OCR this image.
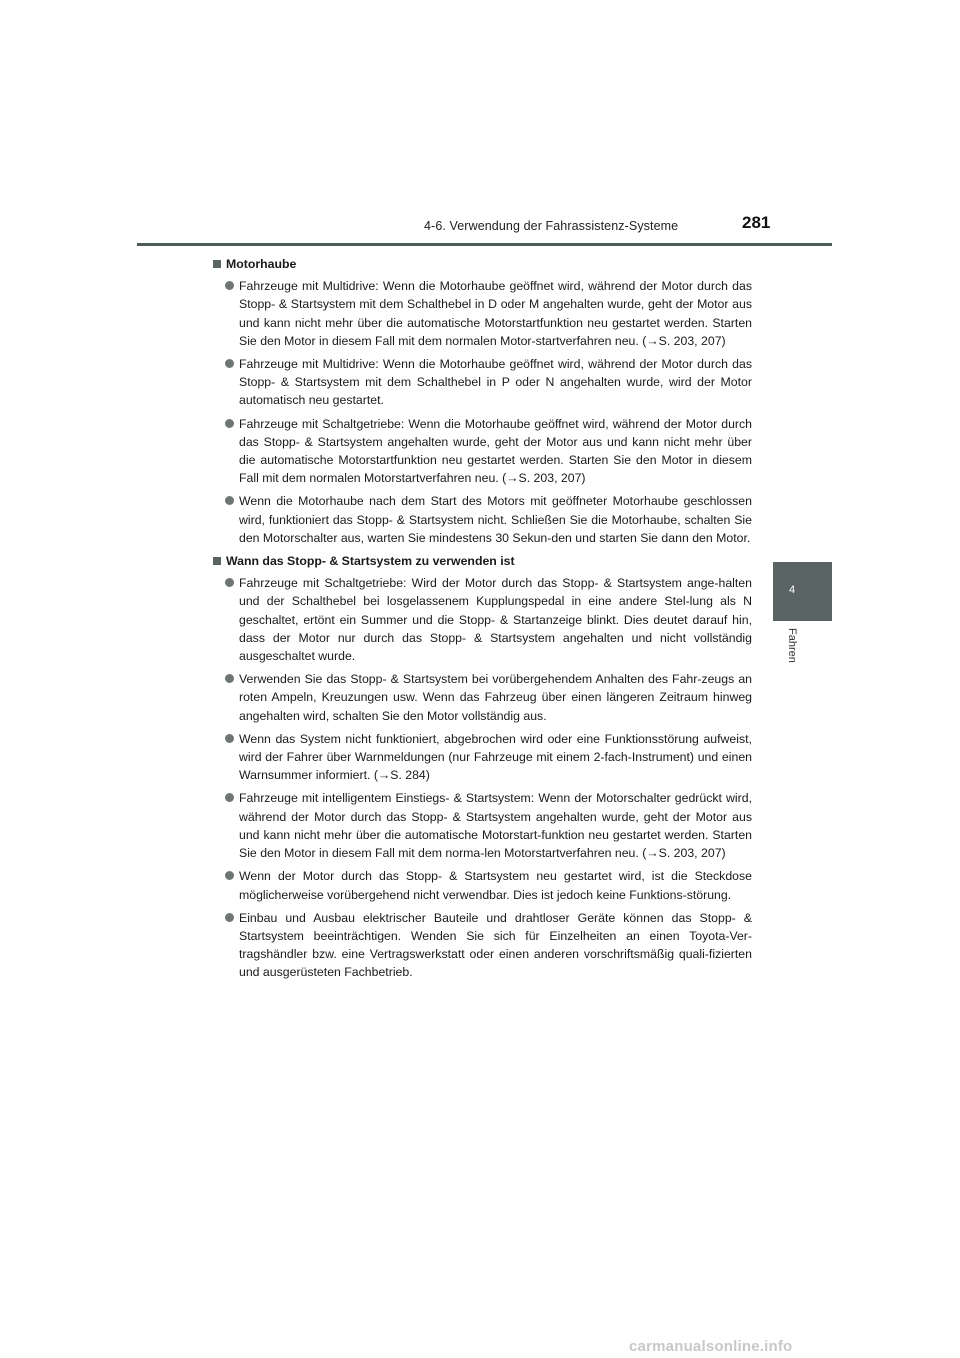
4-6. Verwendung der Fahrassistenz-Systeme	281
4
Fahren
Motorhaube
Fahrzeuge mit Multidrive: Wenn die Motorhaube geöffnet wird, während der Motor durch das Stopp- & Startsystem mit dem Schalthebel in D oder M angehalten wurde, geht der Motor aus und kann nicht mehr über die automatische Motorstartfunktion neu gestartet werden. Starten Sie den Motor in diesem Fall mit dem normalen Motor-startverfahren neu. (→S. 203, 207)
Fahrzeuge mit Multidrive: Wenn die Motorhaube geöffnet wird, während der Motor durch das Stopp- & Startsystem mit dem Schalthebel in P oder N angehalten wurde, wird der Motor automatisch neu gestartet.
Fahrzeuge mit Schaltgetriebe: Wenn die Motorhaube geöffnet wird, während der Motor durch das Stopp- & Startsystem angehalten wurde, geht der Motor aus und kann nicht mehr über die automatische Motorstartfunktion neu gestartet werden. Starten Sie den Motor in diesem Fall mit dem normalen Motorstartverfahren neu. (→S. 203, 207)
Wenn die Motorhaube nach dem Start des Motors mit geöffneter Motorhaube geschlossen wird, funktioniert das Stopp- & Startsystem nicht. Schließen Sie die Motorhaube, schalten Sie den Motorschalter aus, warten Sie mindestens 30 Sekun-den und starten Sie dann den Motor.
Wann das Stopp- & Startsystem zu verwenden ist
Fahrzeuge mit Schaltgetriebe: Wird der Motor durch das Stopp- & Startsystem ange-halten und der Schalthebel bei losgelassenem Kupplungspedal in eine andere Stel-lung als N geschaltet, ertönt ein Summer und die Stopp- & Startanzeige blinkt. Dies deutet darauf hin, dass der Motor nur durch das Stopp- & Startsystem angehalten und nicht vollständig ausgeschaltet wurde.
Verwenden Sie das Stopp- & Startsystem bei vorübergehendem Anhalten des Fahr-zeugs an roten Ampeln, Kreuzungen usw. Wenn das Fahrzeug über einen längeren Zeitraum hinweg angehalten wird, schalten Sie den Motor vollständig aus.
Wenn das System nicht funktioniert, abgebrochen wird oder eine Funktionsstörung aufweist, wird der Fahrer über Warnmeldungen (nur Fahrzeuge mit einem 2-fach-Instrument) und einen Warnsummer informiert. (→S. 284)
Fahrzeuge mit intelligentem Einstiegs- & Startsystem: Wenn der Motorschalter gedrückt wird, während der Motor durch das Stopp- & Startsystem angehalten wurde, geht der Motor aus und kann nicht mehr über die automatische Motorstart-funktion neu gestartet werden. Starten Sie den Motor in diesem Fall mit dem norma-len Motorstartverfahren neu. (→S. 203, 207)
Wenn der Motor durch das Stopp- & Startsystem neu gestartet wird, ist die Steckdose möglicherweise vorübergehend nicht verwendbar. Dies ist jedoch keine Funktions-störung.
Einbau und Ausbau elektrischer Bauteile und drahtloser Geräte können das Stopp- & Startsystem beeinträchtigen. Wenden Sie sich für Einzelheiten an einen Toyota-Ver-tragshändler bzw. eine Vertragswerkstatt oder einen anderen vorschriftsmäßig quali-fizierten und ausgerüsteten Fachbetrieb.
carmanualsonline.info
